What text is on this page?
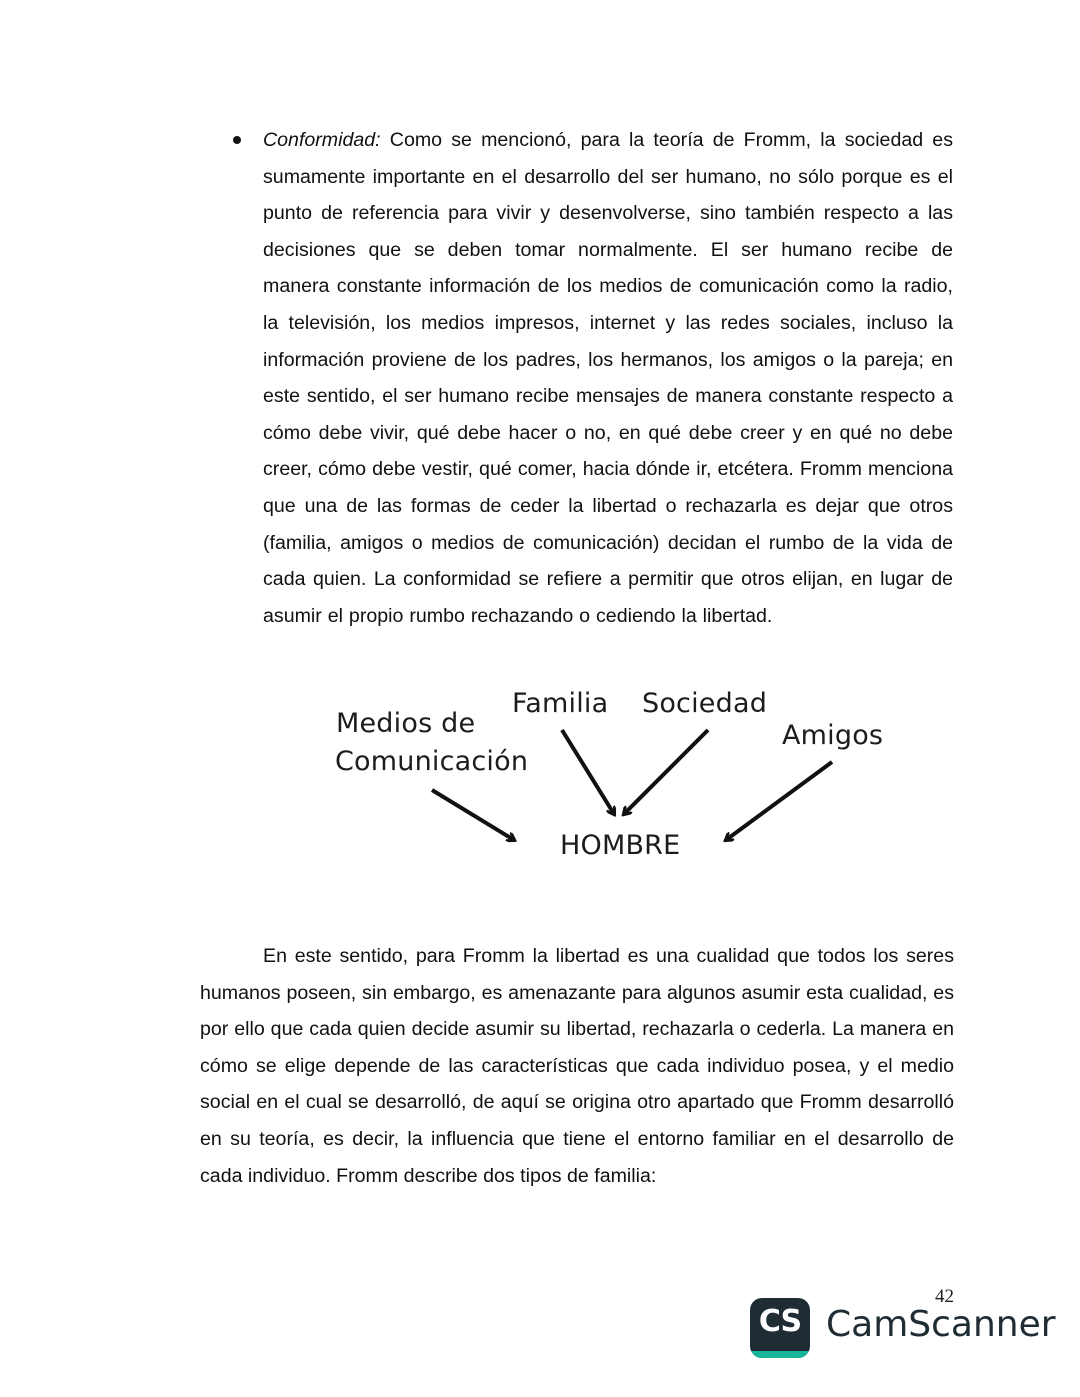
Conformidad: Como se mencionó, para la teoría de Fromm, la sociedad es sumamente importante en el desarrollo del ser humano, no sólo porque es el punto de referencia para vivir y desenvolverse, sino también respecto a las decisiones que se deben tomar normalmente. El ser humano recibe de manera constante información de los medios de comunicación como la radio, la televisión, los medios impresos, internet y las redes sociales, incluso la información proviene de los padres, los hermanos, los amigos o la pareja; en este sentido, el ser humano recibe mensajes de manera constante respecto a cómo debe vivir, qué debe hacer o no, en qué debe creer y en qué no debe creer, cómo debe vestir, qué comer, hacia dónde ir, etcétera. Fromm menciona que una de las formas de ceder la libertad o rechazarla es dejar que otros (familia, amigos o medios de comunicación) decidan el rumbo de la vida de cada quien. La conformidad se refiere a permitir que otros elijan, en lugar de asumir el propio rumbo rechazando o cediendo la libertad.

Medios de
Comunicación
Familia Sociedad
Amigos
HOMBRE

En este sentido, para Fromm la libertad es una cualidad que todos los seres humanos poseen, sin embargo, es amenazante para algunos asumir esta cualidad, es por ello que cada quien decide asumir su libertad, rechazarla o cederla. La manera en cómo se elige depende de las características que cada individuo posea, y el medio social en el cual se desarrolló, de aquí se origina otro apartado que Fromm desarrolló en su teoría, es decir, la influencia que tiene el entorno familiar en el desarrollo de cada individuo. Fromm describe dos tipos de familia:

42
CS CamScanner
